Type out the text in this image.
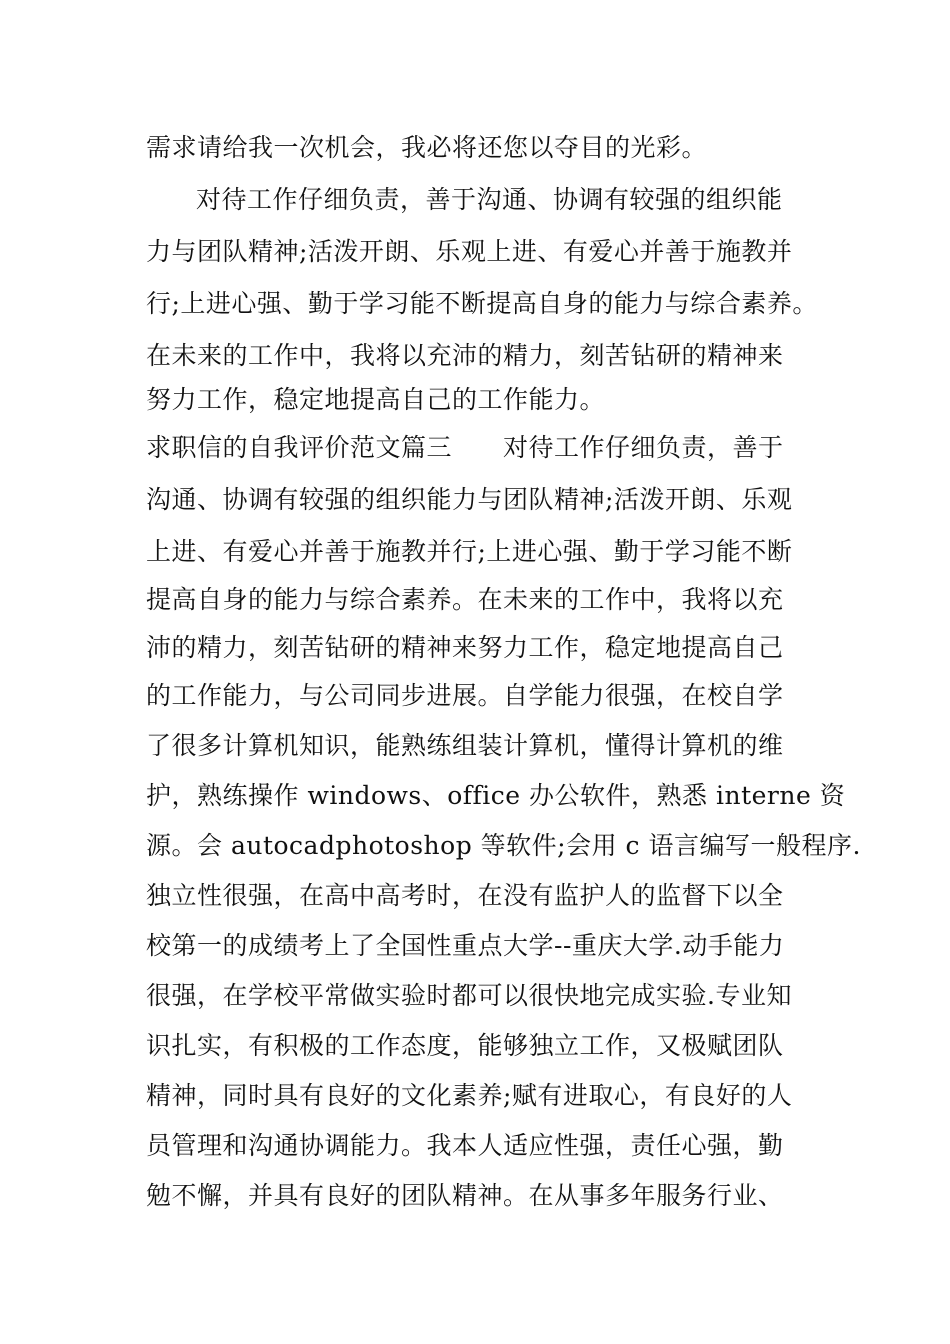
需求请给我一次机会，我必将还您以夺目的光彩。
对待工作仔细负责，善于沟通、协调有较强的组织能
力与团队精神;活泼开朗、乐观上进、有爱心并善于施教并
行;上进心强、勤于学习能不断提高自身的能力与综合素养。
在未来的工作中，我将以充沛的精力，刻苦钻研的精神来
努力工作，稳定地提高自己的工作能力。
求职信的自我评价范文篇三　　对待工作仔细负责，善于
沟通、协调有较强的组织能力与团队精神;活泼开朗、乐观
上进、有爱心并善于施教并行;上进心强、勤于学习能不断
提高自身的能力与综合素养。在未来的工作中，我将以充
沛的精力，刻苦钻研的精神来努力工作，稳定地提高自己
的工作能力，与公司同步进展。自学能力很强，在校自学
了很多计算机知识，能熟练组装计算机，懂得计算机的维
护，熟练操作 windows、office 办公软件，熟悉 interne 资
源。会 autocadphotoshop 等软件;会用 c 语言编写一般程序.
独立性很强，在高中高考时，在没有监护人的监督下以全
校第一的成绩考上了全国性重点大学--重庆大学.动手能力
很强，在学校平常做实验时都可以很快地完成实验.专业知
识扎实，有积极的工作态度，能够独立工作，又极赋团队
精神，同时具有良好的文化素养;赋有进取心，有良好的人
员管理和沟通协调能力。我本人适应性强，责任心强，勤
勉不懈，并具有良好的团队精神。在从事多年服务行业、
